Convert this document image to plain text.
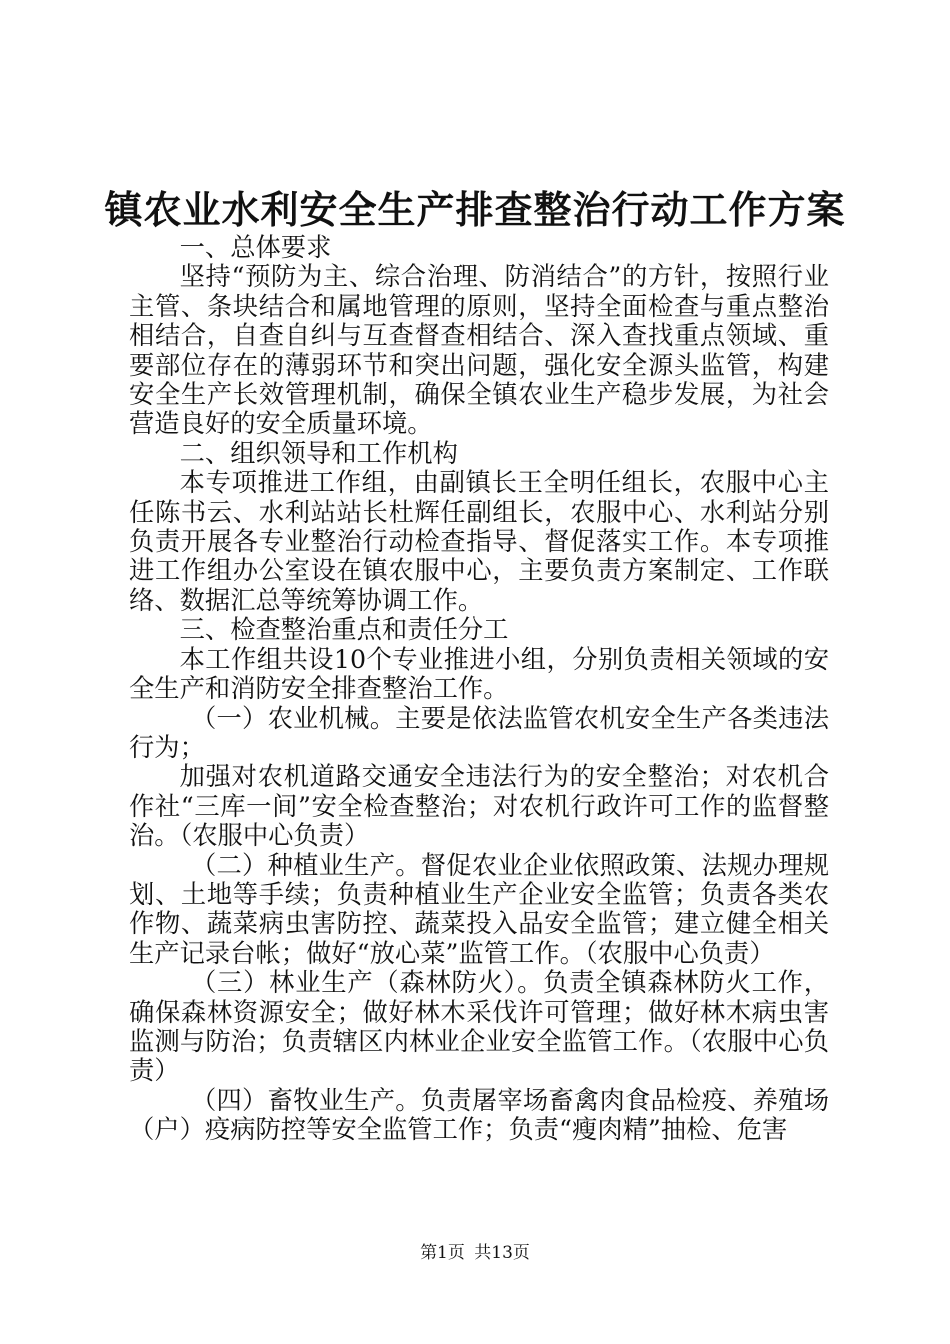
镇农业水利安全生产排查整治行动工作方案

一、总体要求

坚持“预防为主、综合治理、防消结合”的方针，按照行业主管、条块结合和属地管理的原则，坚持全面检查与重点整治相结合，自查自纠与互查督查相结合、深入查找重点领域、重要部位存在的薄弱环节和突出问题，强化安全源头监管，构建安全生产长效管理机制，确保全镇农业生产稳步发展，为社会营造良好的安全质量环境。

二、组织领导和工作机构

本专项推进工作组，由副镇长王全明任组长，农服中心主任陈书云、水利站站长杜辉任副组长，农服中心、水利站分别负责开展各专业整治行动检查指导、督促落实工作。本专项推进工作组办公室设在镇农服中心，主要负责方案制定、工作联络、数据汇总等统筹协调工作。

三、检查整治重点和责任分工

本工作组共设10个专业推进小组，分别负责相关领域的安全生产和消防安全排查整治工作。

（一）农业机械。主要是依法监管农机安全生产各类违法行为；

加强对农机道路交通安全违法行为的安全整治；对农机合作社“三库一间”安全检查整治；对农机行政许可工作的监督整治。（农服中心负责）

（二）种植业生产。督促农业企业依照政策、法规办理规划、土地等手续；负责种植业生产企业安全监管；负责各类农作物、蔬菜病虫害防控、蔬菜投入品安全监管；建立健全相关生产记录台帐；做好“放心菜”监管工作。（农服中心负责）

（三）林业生产（森林防火）。负责全镇森林防火工作，确保森林资源安全；做好林木采伐许可管理；做好林木病虫害监测与防治；负责辖区内林业企业安全监管工作。（农服中心负责）

（四）畜牧业生产。负责屠宰场畜禽肉食品检疫、养殖场（户）疫病防控等安全监管工作；负责“瘦肉精”抽检、危害

第1页 共13页
